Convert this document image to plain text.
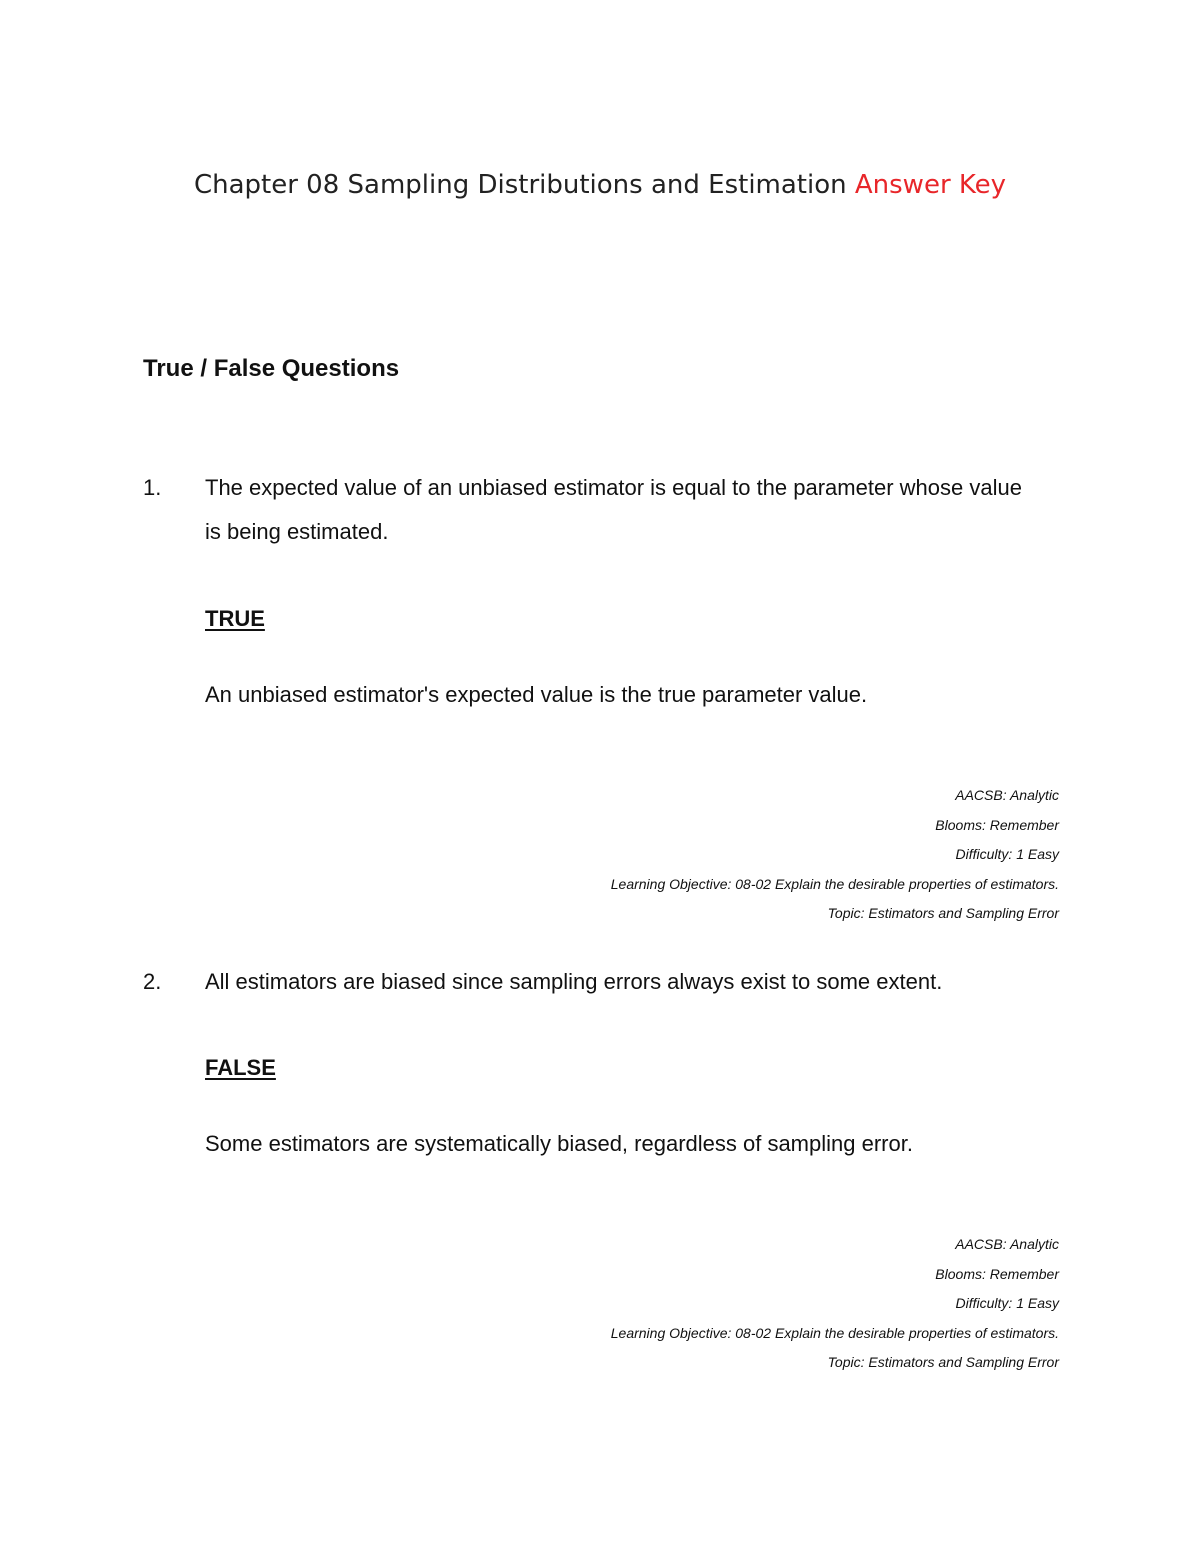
Chapter 08 Sampling Distributions and Estimation Answer Key
True / False Questions
1. The expected value of an unbiased estimator is equal to the parameter whose value is being estimated.
TRUE
An unbiased estimator's expected value is the true parameter value.
AACSB: Analytic
Blooms: Remember
Difficulty: 1 Easy
Learning Objective: 08-02 Explain the desirable properties of estimators.
Topic: Estimators and Sampling Error
2. All estimators are biased since sampling errors always exist to some extent.
FALSE
Some estimators are systematically biased, regardless of sampling error.
AACSB: Analytic
Blooms: Remember
Difficulty: 1 Easy
Learning Objective: 08-02 Explain the desirable properties of estimators.
Topic: Estimators and Sampling Error
